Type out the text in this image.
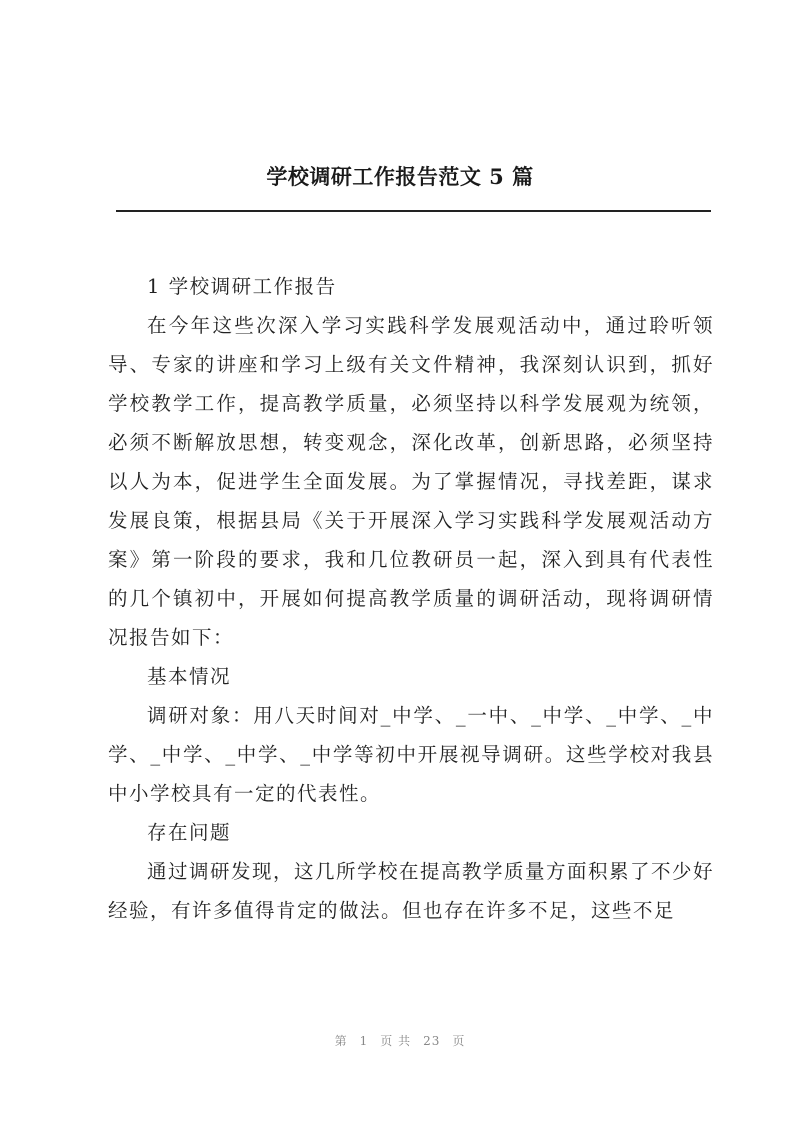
学校调研工作报告范文 5 篇

1 学校调研工作报告

在今年这些次深入学习实践科学发展观活动中，通过聆听领导、专家的讲座和学习上级有关文件精神，我深刻认识到，抓好学校教学工作，提高教学质量，必须坚持以科学发展观为统领，必须不断解放思想，转变观念，深化改革，创新思路，必须坚持以人为本，促进学生全面发展。为了掌握情况，寻找差距，谋求发展良策，根据县局《关于开展深入学习实践科学发展观活动方案》第一阶段的要求，我和几位教研员一起，深入到具有代表性的几个镇初中，开展如何提高教学质量的调研活动，现将调研情况报告如下：

基本情况

调研对象：用八天时间对_中学、_一中、_中学、_中学、_中学、_中学、_中学、_中学等初中开展视导调研。这些学校对我县中小学校具有一定的代表性。

存在问题

通过调研发现，这几所学校在提高教学质量方面积累了不少好经验，有许多值得肯定的做法。但也存在许多不足，这些不足

第 1 页 共 23 页
